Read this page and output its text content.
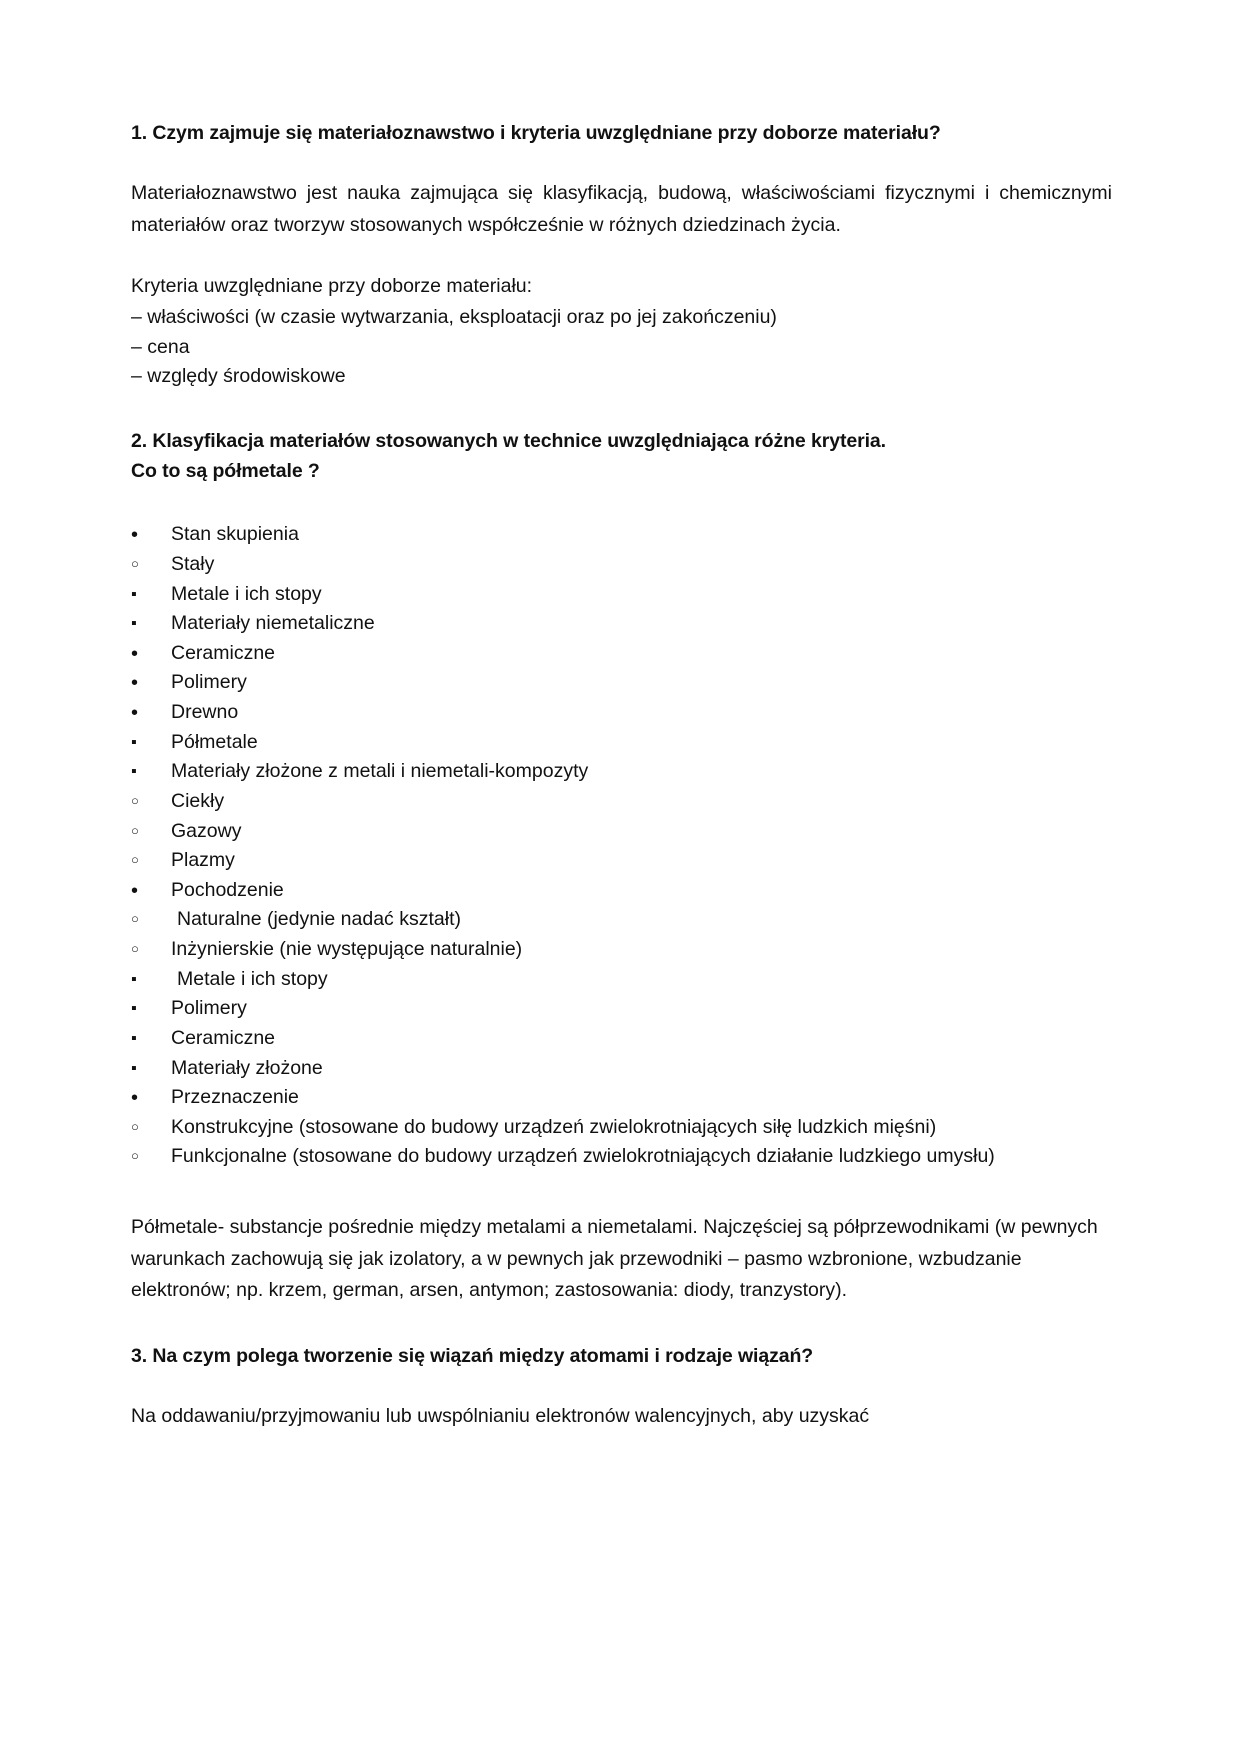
1. Czym zajmuje się materiałoznawstwo i kryteria uwzględniane przy doborze materiału?
Materiałoznawstwo jest nauka zajmująca się klasyfikacją, budową, właściwościami fizycznymi i chemicznymi materiałów oraz tworzyw stosowanych współcześnie w różnych dziedzinach życia.
Kryteria uwzględniane przy doborze materiału:
– właściwości (w czasie wytwarzania, eksploatacji oraz po jej zakończeniu)
– cena
– względy środowiskowe
2. Klasyfikacja materiałów stosowanych w technice uwzględniająca różne kryteria.
Co to są półmetale ?
•
Stan skupienia
○
Stały
▪
Metale i ich stopy
▪
Materiały niemetaliczne
•
Ceramiczne
•
Polimery
•
Drewno
▪
Półmetale
▪
Materiały złożone z metali i niemetali-kompozyty
○
Ciekły
○
Gazowy
○
Plazmy
•
Pochodzenie
○
Naturalne (jedynie nadać kształt)
○
Inżynierskie (nie występujące naturalnie)
▪
Metale i ich stopy
▪
Polimery
▪
Ceramiczne
▪
Materiały złożone
•
Przeznaczenie
○
Konstrukcyjne (stosowane do budowy urządzeń zwielokrotniających siłę ludzkich mięśni)
○
Funkcjonalne (stosowane do budowy urządzeń zwielokrotniających działanie ludzkiego umysłu)
Półmetale- substancje pośrednie między metalami a niemetalami. Najczęściej są półprzewodnikami (w pewnych warunkach zachowują się jak izolatory, a w pewnych jak przewodniki – pasmo wzbronione, wzbudzanie elektronów; np. krzem, german, arsen, antymon; zastosowania: diody, tranzystory).
3. Na czym polega tworzenie się wiązań między atomami i rodzaje wiązań?
Na oddawaniu/przyjmowaniu lub uwspólnianiu elektronów walencyjnych, aby uzyskać
